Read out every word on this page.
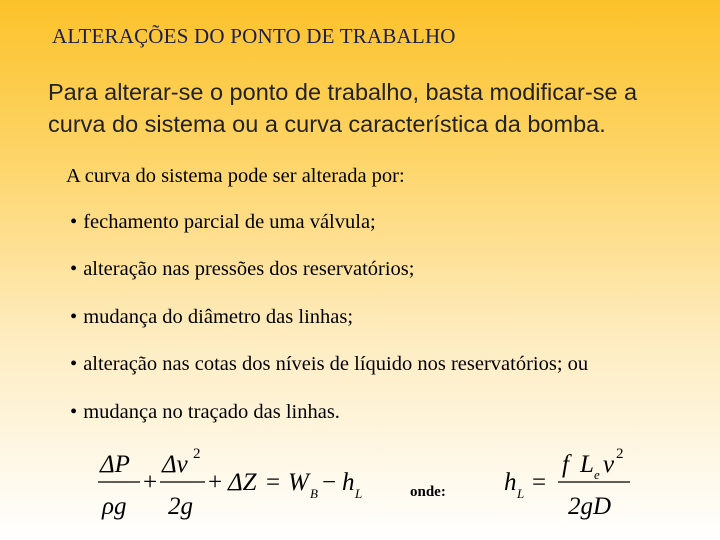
ALTERAÇÕES DO PONTO DE TRABALHO

Para alterar-se o ponto de trabalho, basta modificar-se a curva do sistema ou a curva característica da bomba.

A curva do sistema pode ser alterada por:
• fechamento parcial de uma válvula;
• alteração nas pressões dos reservatórios;
• mudança do diâmetro das linhas;
• alteração nas cotas dos níveis de líquido nos reservatórios; ou
• mudança no traçado das linhas.
ΔP
ρg
+
Δv 2
2g
+ ΔZ = W B − h L	onde: h L =
f L e v 2
2gD
